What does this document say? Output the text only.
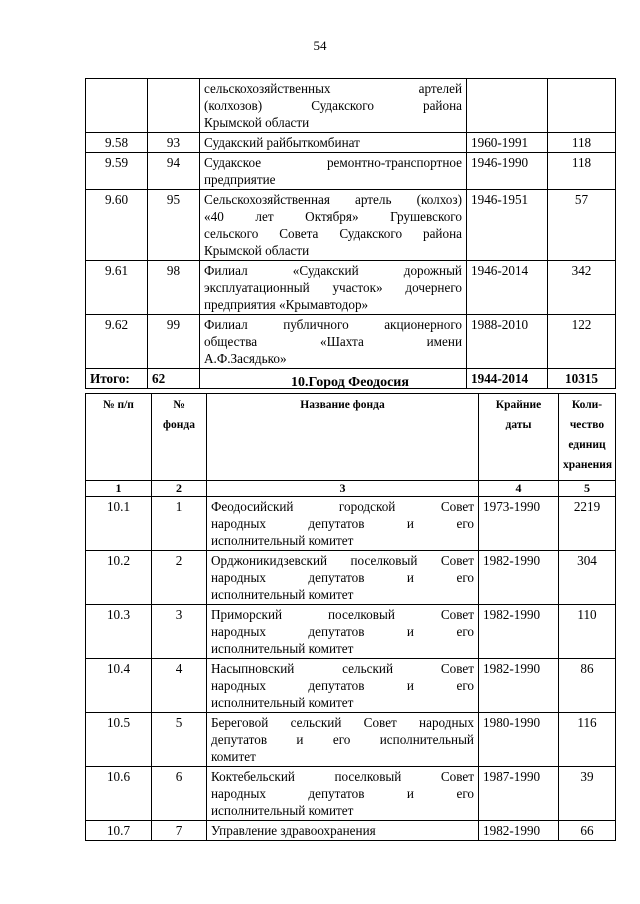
54

		сельскохозяйственных артелей
(колхозов) Судакского района
Крымской области		

9.58	93	Судакский райбыткомбинат	1960-1991	118
9.59	94	Судакское ремонтно-транспортное
предприятие	1946-1990	118
9.60	95	Сельскохозяйственная артель (колхоз)
«40 лет Октября» Грушевского
сельского Совета Судакского района
Крымской области	1946-1951	57
9.61	98	Филиал «Судакский дорожный
эксплуатационный участок» дочернего
предприятия «Крымавтодор»	1946-2014	342
9.62	99	Филиал публичного акционерного
общества «Шахта имени
А.Ф.Засядько»	1988-2010	122
Итого:	62		1944-2014	10315
10.Город Феодосия
№ п/п	№ фонда	Название фонда	Крайние даты	Коли-чество единиц хранения
1	2	3	4	5
10.1	1	Феодосийский городской Совет
народных депутатов и его
исполнительный комитет	1973-1990	2219
10.2	2	Орджоникидзевский поселковый Совет
народных депутатов и его
исполнительный комитет	1982-1990	304
10.3	3	Приморский поселковый Совет
народных депутатов и его
исполнительный комитет	1982-1990	110
10.4	4	Насыпновский сельский Совет
народных депутатов и его
исполнительный комитет	1982-1990	86
10.5	5	Береговой сельский Совет народных
депутатов и его исполнительный
комитет	1980-1990	116
10.6	6	Коктебельский поселковый Совет
народных депутатов и его
исполнительный комитет	1987-1990	39
10.7	7	Управление здравоохранения	1982-1990	66
